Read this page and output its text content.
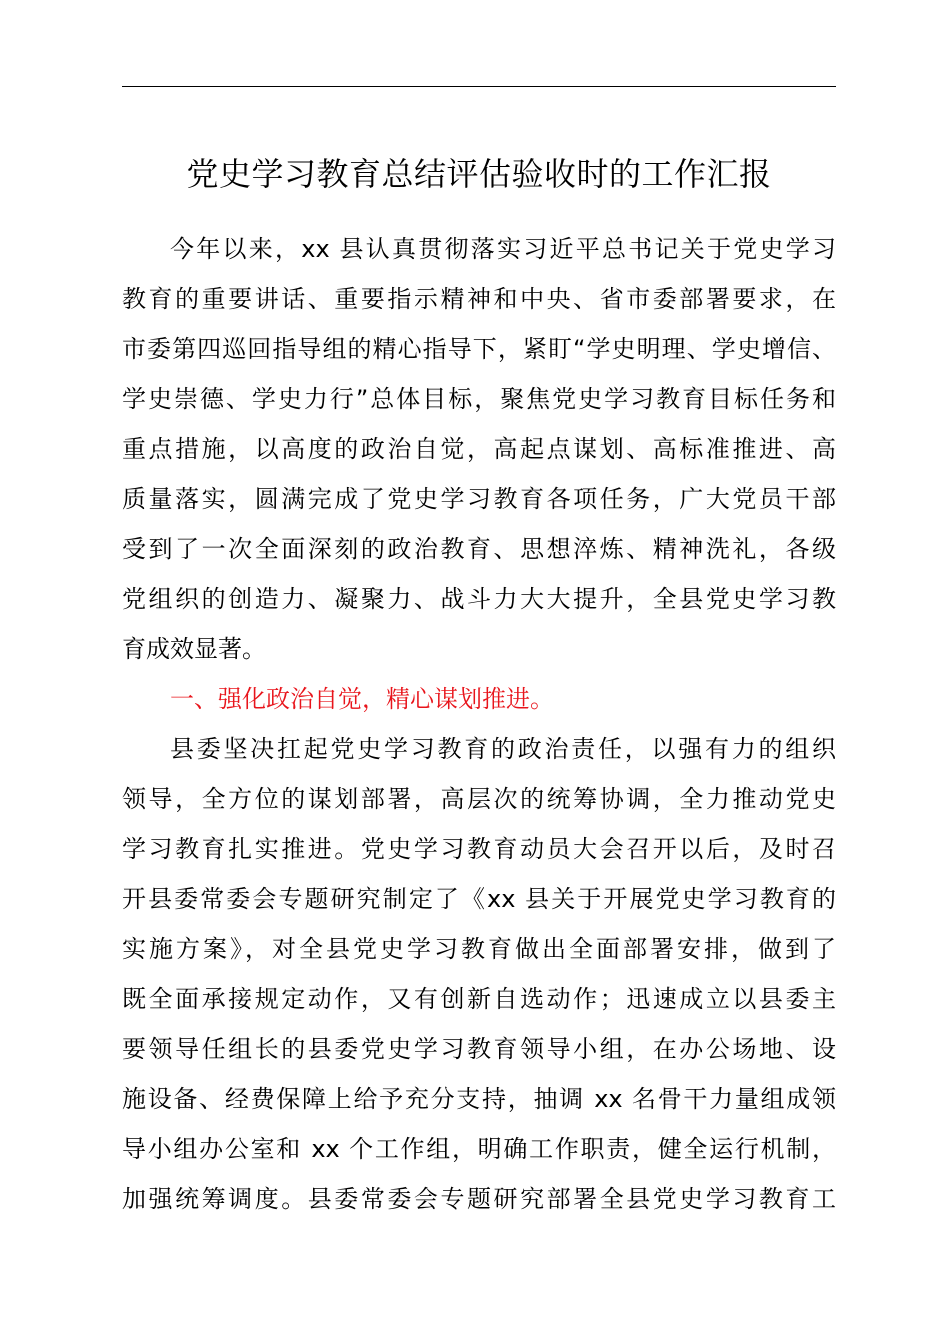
党史学习教育总结评估验收时的工作汇报
今年以来，xx 县认真贯彻落实习近平总书记关于党史学习
教育的重要讲话、重要指示精神和中央、省市委部署要求，在
市委第四巡回指导组的精心指导下，紧盯“学史明理、学史增信、
学史崇德、学史力行”总体目标，聚焦党史学习教育目标任务和
重点措施，以高度的政治自觉，高起点谋划、高标准推进、高
质量落实，圆满完成了党史学习教育各项任务，广大党员干部
受到了一次全面深刻的政治教育、思想淬炼、精神洗礼，各级
党组织的创造力、凝聚力、战斗力大大提升，全县党史学习教
育成效显著。
一、强化政治自觉，精心谋划推进。
县委坚决扛起党史学习教育的政治责任，以强有力的组织
领导，全方位的谋划部署，高层次的统筹协调，全力推动党史
学习教育扎实推进。党史学习教育动员大会召开以后，及时召
开县委常委会专题研究制定了《xx 县关于开展党史学习教育的
实施方案》，对全县党史学习教育做出全面部署安排，做到了
既全面承接规定动作，又有创新自选动作；迅速成立以县委主
要领导任组长的县委党史学习教育领导小组，在办公场地、设
施设备、经费保障上给予充分支持，抽调 xx 名骨干力量组成领
导小组办公室和 xx 个工作组，明确工作职责，健全运行机制，
加强统筹调度。县委常委会专题研究部署全县党史学习教育工
